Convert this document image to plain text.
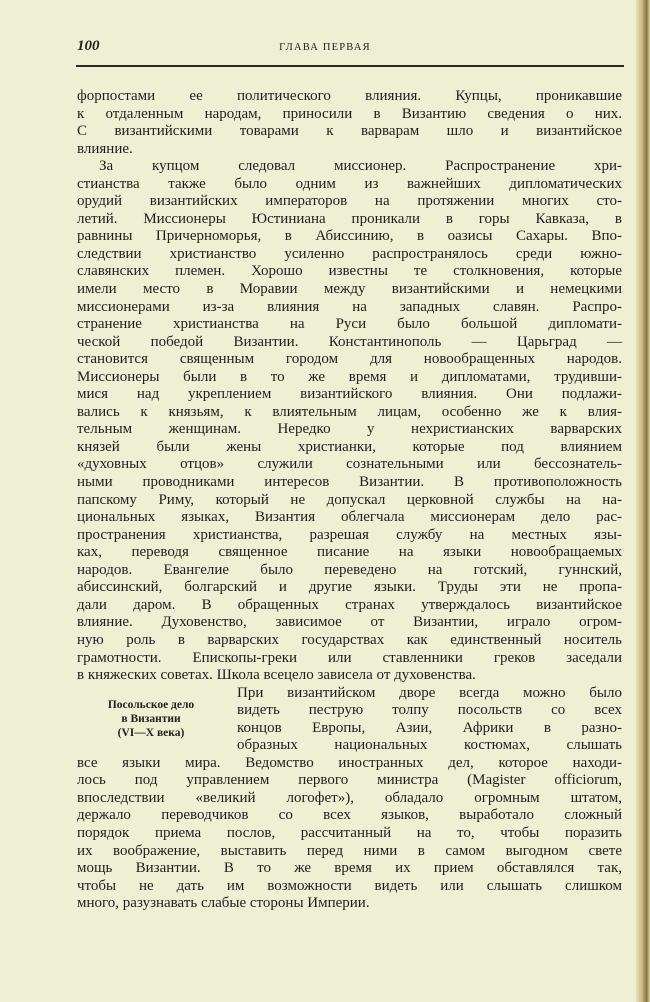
100	ГЛАВА ПЕРВАЯ
Посольское дело
в Византии
(VI—X века)
форпостами ее политического влияния. Купцы, проникавшие
к отдаленным народам, приносили в Византию сведения о них.
С византийскими товарами к варварам шло и византийское
влияние.
За купцом следовал миссионер. Распространение хри-
стианства также было одним из важнейших дипломатических
орудий византийских императоров на протяжении многих сто-
летий. Миссионеры Юстиниана проникали в горы Кавказа, в
равнины Причерноморья, в Абиссинию, в оазисы Сахары. Впо-
следствии христианство усиленно распространялось среди южно-
славянских племен. Хорошо известны те столкновения, которые
имели место в Моравии между византийскими и немецкими
миссионерами из-за влияния на западных славян. Распро-
странение христианства на Руси было большой дипломати-
ческой победой Византии. Константинополь — Царьград —
становится священным городом для новообращенных народов.
Миссионеры были в то же время и дипломатами, трудивши-
мися над укреплением византийского влияния. Они подлажи-
вались к князьям, к влиятельным лицам, особенно же к влия-
тельным женщинам. Нередко у нехристианских варварских
князей были жены христианки, которые под влиянием
«духовных отцов» служили сознательными или бессознатель-
ными проводниками интересов Византии. В противоположность
папскому Риму, который не допускал церковной службы на на-
циональных языках, Византия облегчала миссионерам дело рас-
пространения христианства, разрешая службу на местных язы-
ках, переводя священное писание на языки новообращаемых
народов. Евангелие было переведено на готский, гуннский,
абиссинский, болгарский и другие языки. Труды эти не пропа-
дали даром. В обращенных странах утверждалось византийское
влияние. Духовенство, зависимое от Византии, играло огром-
ную роль в варварских государствах как единственный носитель
грамотности. Епископы-греки или ставленники греков заседали
в княжеских советах. Школа всецело зависела от духовенства.
При византийском дворе всегда можно было
видеть пеструю толпу посольств со всех
концов Европы, Азии, Африки в разно-
образных национальных костюмах, слышать
все языки мира. Ведомство иностранных дел, которое находи-
лось под управлением первого министра (Magister officiorum,
впоследствии «великий логофет»), обладало огромным штатом,
держало переводчиков со всех языков, выработало сложный
порядок приема послов, рассчитанный на то, чтобы поразить
их воображение, выставить перед ними в самом выгодном свете
мощь Византии. В то же время их прием обставлялся так,
чтобы не дать им возможности видеть или слышать слишком
много, разузнавать слабые стороны Империи.
